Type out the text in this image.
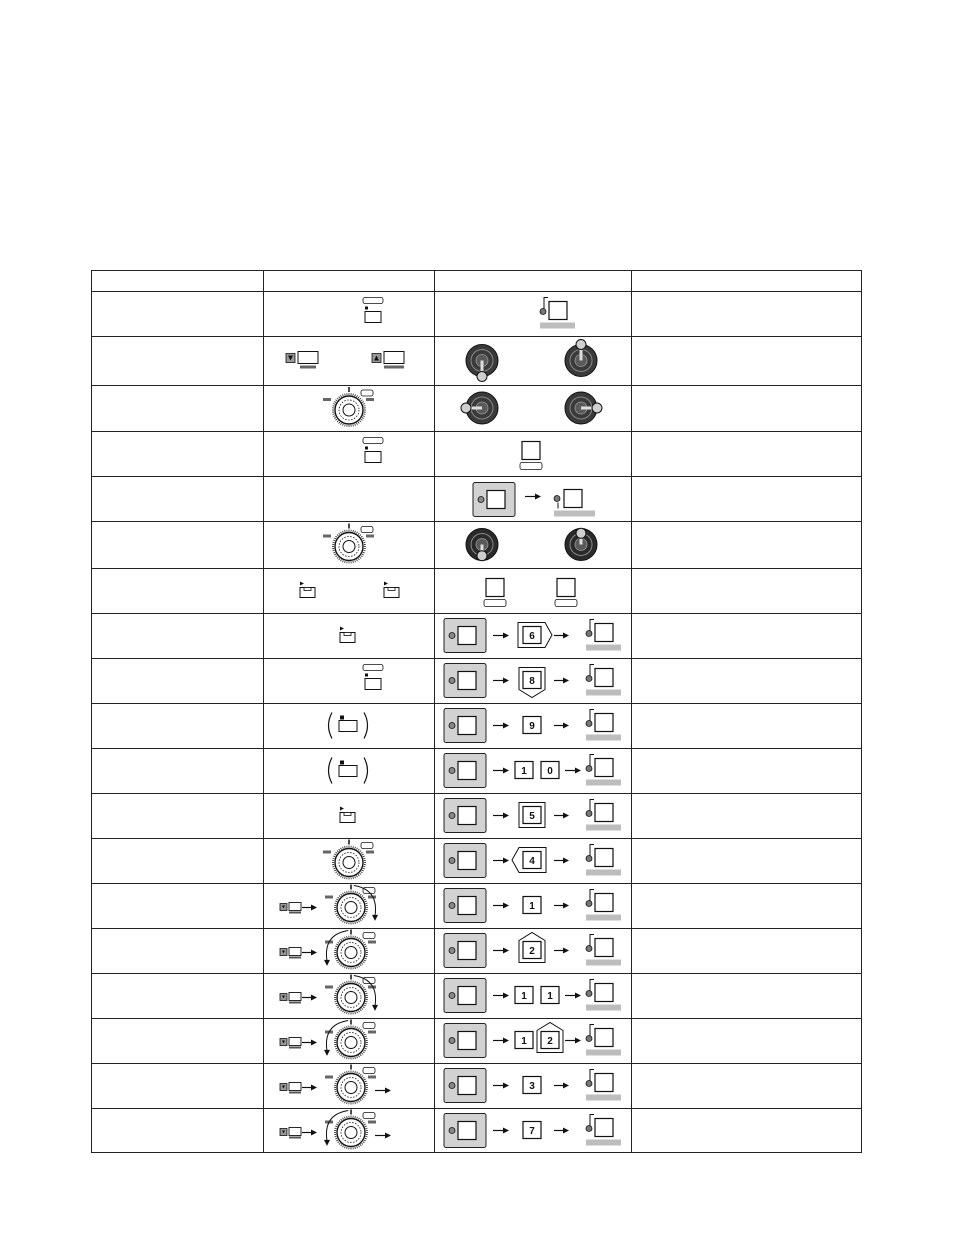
6
8
9
1 0
5
4
1
2
1 1
1 2
3
7
